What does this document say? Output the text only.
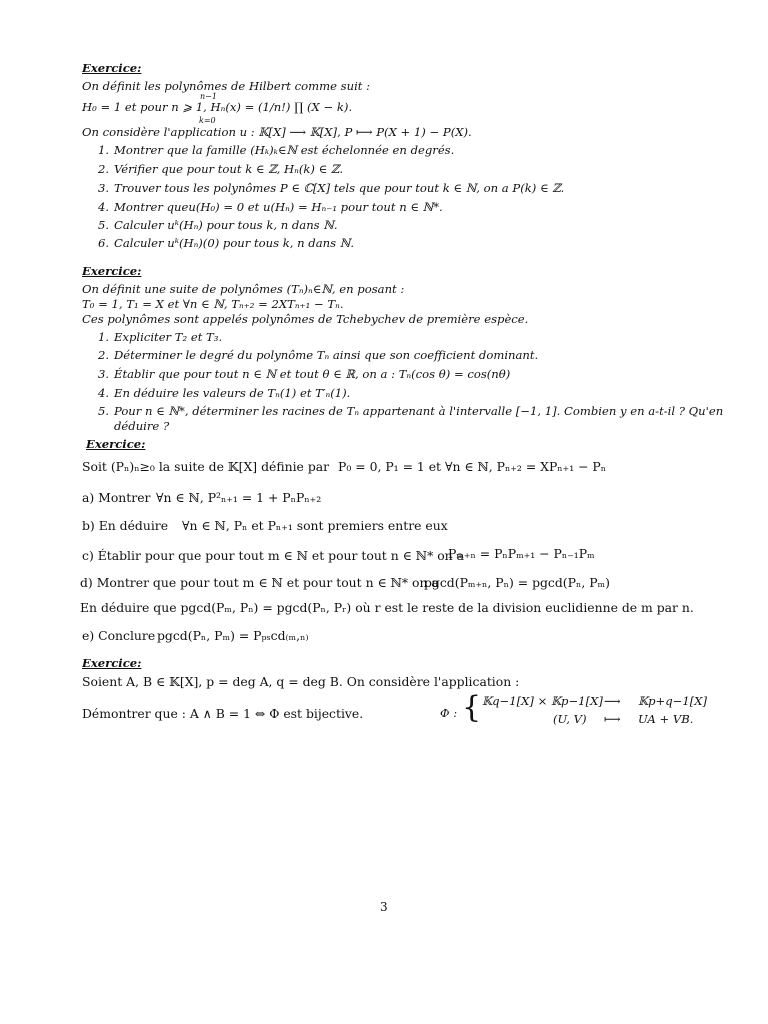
Exercice:
On définit les polynômes de Hilbert comme suit :
n−1
H₀ = 1 et pour n ⩾ 1, Hₙ(x) = (1/n!) ∏ (X − k).
k=0
On considère l'application u : 𝕂[X] ⟶ 𝕂[X], P ⟼ P(X + 1) − P(X).
1. Montrer que la famille (Hₖ)ₖ∈ℕ est échelonnée en degrés.
2. Vérifier que pour tout k ∈ ℤ, Hₙ(k) ∈ ℤ.
3. Trouver tous les polynômes P ∈ ℂ[X] tels que pour tout k ∈ ℕ, on a P(k) ∈ ℤ.
4. Montrer queu(H₀) = 0 et u(Hₙ) = Hₙ₋₁ pour tout n ∈ ℕ*.
5. Calculer uᵏ(Hₙ) pour tous k, n dans ℕ.
6. Calculer uᵏ(Hₙ)(0) pour tous k, n dans ℕ.
Exercice:
On définit une suite de polynômes (Tₙ)ₙ∈ℕ, en posant :
T₀ = 1, T₁ = X et ∀n ∈ ℕ, Tₙ₊₂ = 2XTₙ₊₁ − Tₙ.
Ces polynômes sont appelés polynômes de Tchebychev de première espèce.
1. Expliciter T₂ et T₃.
2. Déterminer le degré du polynôme Tₙ ainsi que son coefficient dominant.
3. Établir que pour tout n ∈ ℕ et tout θ ∈ ℝ, on a : Tₙ(cos θ) = cos(nθ)
4. En déduire les valeurs de Tₙ(1) et T′ₙ(1).
5. Pour n ∈ ℕ*, déterminer les racines de Tₙ appartenant à l'intervalle [−1, 1]. Combien y en a-t-il ? Qu'en
déduire ?
Exercice:
Soit (Pₙ)ₙ≥₀ la suite de 𝕂[X] définie par P₀ = 0, P₁ = 1 et ∀n ∈ ℕ, Pₙ₊₂ = XPₙ₊₁ − Pₙ
a) Montrer ∀n ∈ ℕ, P²ₙ₊₁ = 1 + PₙPₙ₊₂
b) En déduire ∀n ∈ ℕ, Pₙ et Pₙ₊₁ sont premiers entre eux
c) Établir pour que pour tout m ∈ ℕ et pour tout n ∈ ℕ* on a
Pₘ₊ₙ = PₙPₘ₊₁ − Pₙ₋₁Pₘ
d) Montrer que pour tout m ∈ ℕ et pour tout n ∈ ℕ* on a
pgcd(Pₘ₊ₙ, Pₙ) = pgcd(Pₙ, Pₘ)
En déduire que pgcd(Pₘ, Pₙ) = pgcd(Pₙ, Pᵣ) où r est le reste de la division euclidienne de m par n.
e) Conclure pgcd(Pₙ, Pₘ) = Pₚₛcd₍ₘ,ₙ₎
Exercice:
Soient A, B ∈ 𝕂[X], p = deg A, q = deg B. On considère l'application :
Démontrer que : A ∧ B = 1 ⇔ Φ est bijective.	Φ : { 𝕂q−1[X] × 𝕂p−1[X] ⟶ 𝕂p+q−1[X]
(U, V) ⟼ UA + VB.
3
